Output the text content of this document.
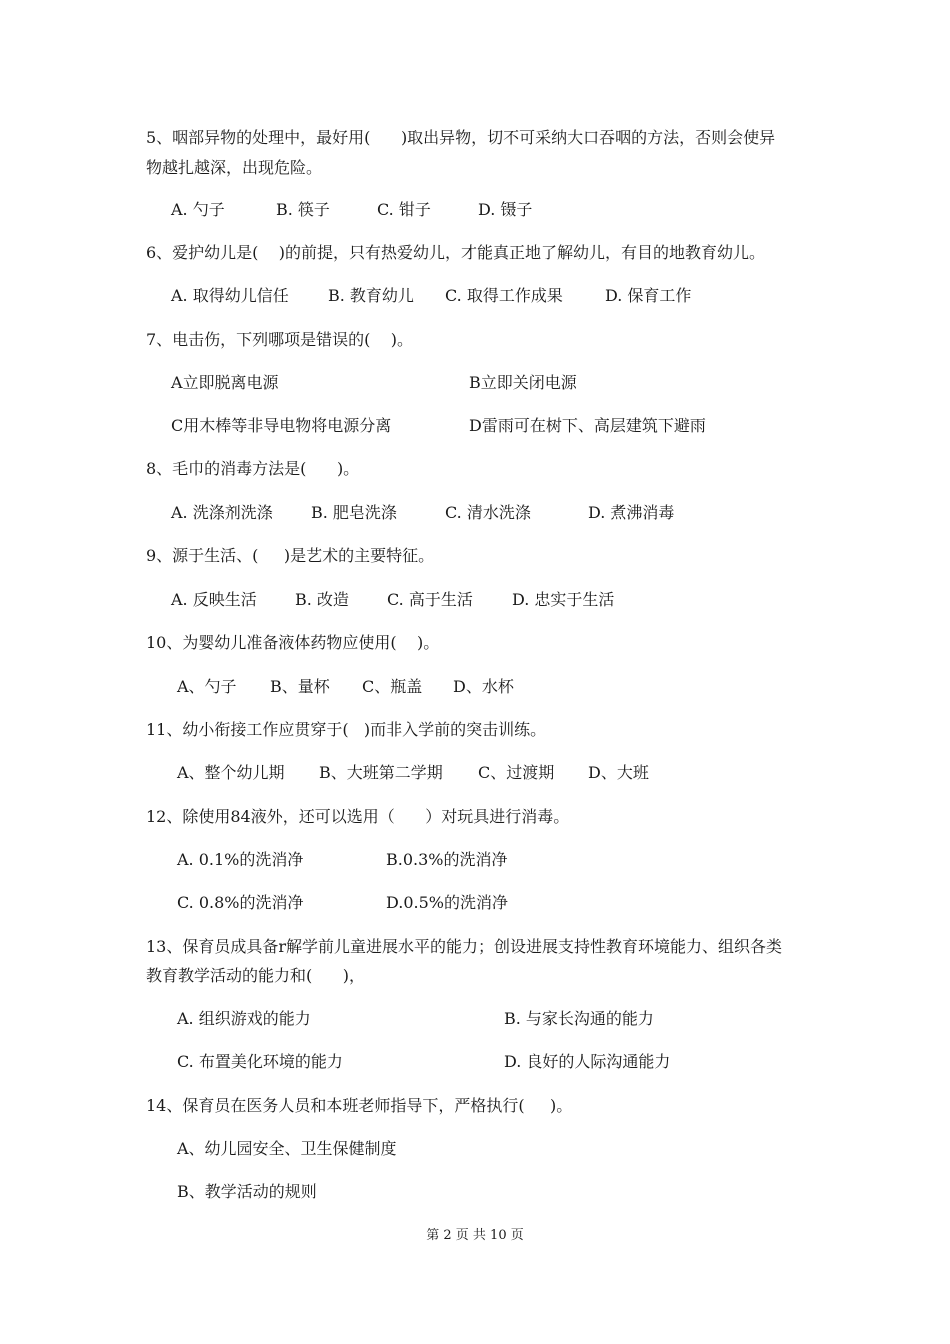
5、咽部异物的处理中，最好用(      )取出异物，切不可采纳大口吞咽的方法，否则会使异
物越扎越深，出现危险。
A. 勺子	B. 筷子	C. 钳子	D. 镊子
6、爱护幼儿是(    )的前提，只有热爱幼儿，才能真正地了解幼儿，有目的地教育幼儿。
A. 取得幼儿信任 B. 教育幼儿 C. 取得工作成果	D. 保育工作
7、电击伤，下列哪项是错误的(    )。
A立即脱离电源	B立即关闭电源
C用木棒等非导电物将电源分离	D雷雨可在树下、高层建筑下避雨
8、毛巾的消毒方法是(      )。
A. 洗涤剂洗涤 B. 肥皂洗涤	C. 清水洗涤	D. 煮沸消毒
9、源于生活、(     )是艺术的主要特征。
A. 反映生活 B. 改造 C. 高于生活 D. 忠实于生活
10、为婴幼儿准备液体药物应使用(    )。
A、勺子 B、量杯 C、瓶盖 D、水杯
11、幼小衔接工作应贯穿于(   )而非入学前的突击训练。
A、整个幼儿期 B、大班第二学期 C、过渡期 D、大班
12、除使用84液外，还可以选用（      ）对玩具进行消毒。
A. 0.1%的洗消净	B.0.3%的洗消净
C. 0.8%的洗消净	D.0.5%的洗消净
13、保育员成具备r解学前儿童进展水平的能力；创设进展支持性教育环境能力、组织各类
教育教学活动的能力和(      )，
A. 组织游戏的能力	B. 与家长沟通的能力
C. 布置美化环境的能力	D. 良好的人际沟通能力
14、保育员在医务人员和本班老师指导下，严格执行(     )。
A、幼儿园安全、卫生保健制度
B、教学活动的规则
第 2 页 共 10 页
